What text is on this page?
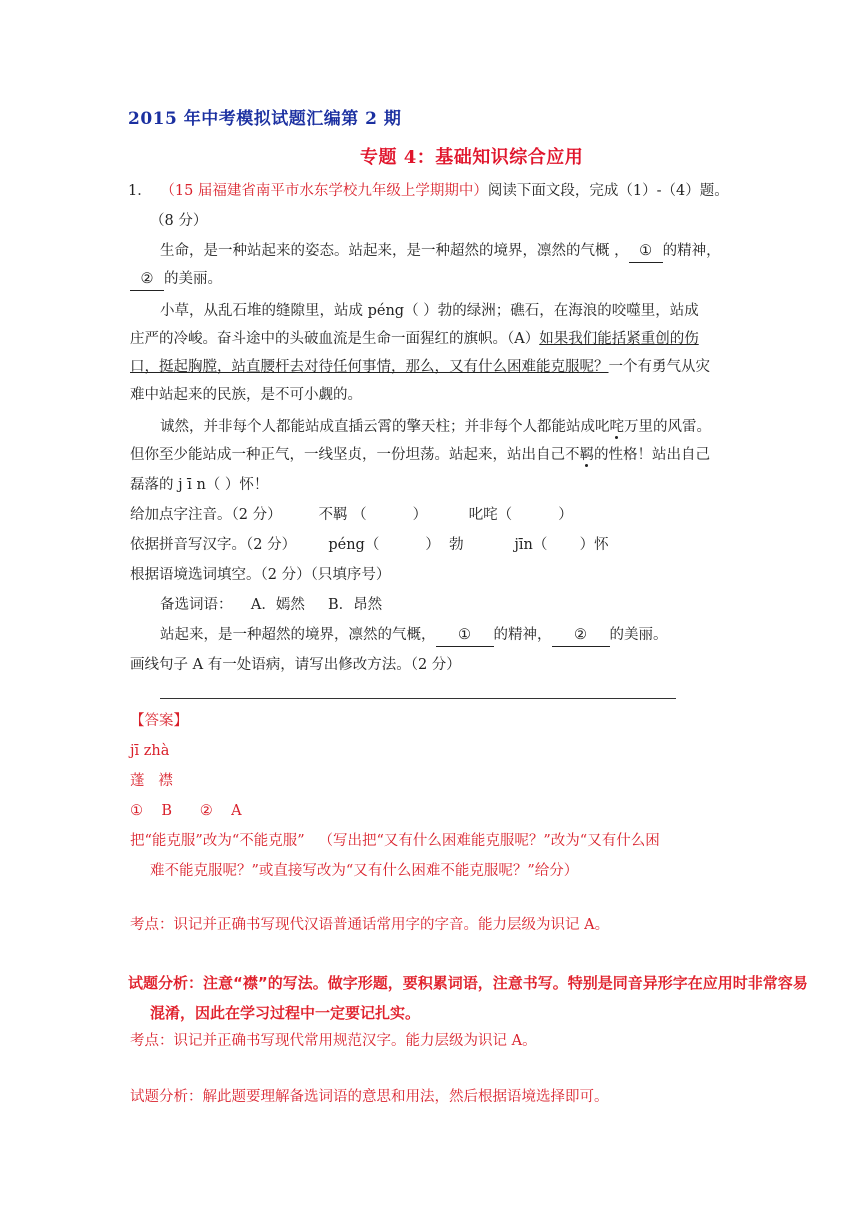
2015 年中考模拟试题汇编第 2 期
专题 4：基础知识综合应用
1． （15 届福建省南平市水东学校九年级上学期期中）阅读下面文段，完成（1）-（4）题。
（8 分）
生命，是一种站起来的姿态。站起来，是一种超然的境界，凛然的气概 ， ① 的精神，
② 的美丽。
小草，从乱石堆的缝隙里，站成 péng（ ）勃的绿洲；礁石，在海浪的咬噬里，站成
庄严的冷峻。奋斗途中的头破血流是生命一面猩红的旗帜。（A）如果我们能括紧重创的伤
口，挺起胸膛，站直腰杆去对待任何事情，那么，又有什么困难能克服呢？一个有勇气从灾
难中站起来的民族，是不可小觑的。
诚然，并非每个人都能站成直插云霄的擎天柱；并非每个人都能站成叱咤万里的风雷。
但你至少能站成一种正气，一线坚贞，一份坦荡。站起来，站出自己不羁的性格！站出自己
磊落的 j ī n（ ）怀！
给加点字注音。（2 分）        不羁 （          ）         叱咤（          ）
依据拼音写汉字。（2 分）       péng（          ）  勃           jīn（       ）怀
根据语境选词填空。（2 分）（只填序号）
备选词语：    A．嫣然     B．昂然
站起来，是一种超然的境界，凛然的气概， ① 的精神， ② 的美丽。
画线句子 A 有一处语病，请写出修改方法。（2 分）
【答案】
jī zhà
蓬   襟
①    B      ②    A
把“能克服”改为“不能克服”   （写出把“又有什么困难能克服呢？”改为“又有什么困
难不能克服呢？”或直接写改为“又有什么困难不能克服呢？”给分）
考点：识记并正确书写现代汉语普通话常用字的字音。能力层级为识记 A。
试题分析：注意“襟”的写法。做字形题，要积累词语，注意书写。特别是同音异形字在应用时非常容易
混淆，因此在学习过程中一定要记扎实。
考点：识记并正确书写现代常用规范汉字。能力层级为识记 A。
试题分析：解此题要理解备选词语的意思和用法，然后根据语境选择即可。
